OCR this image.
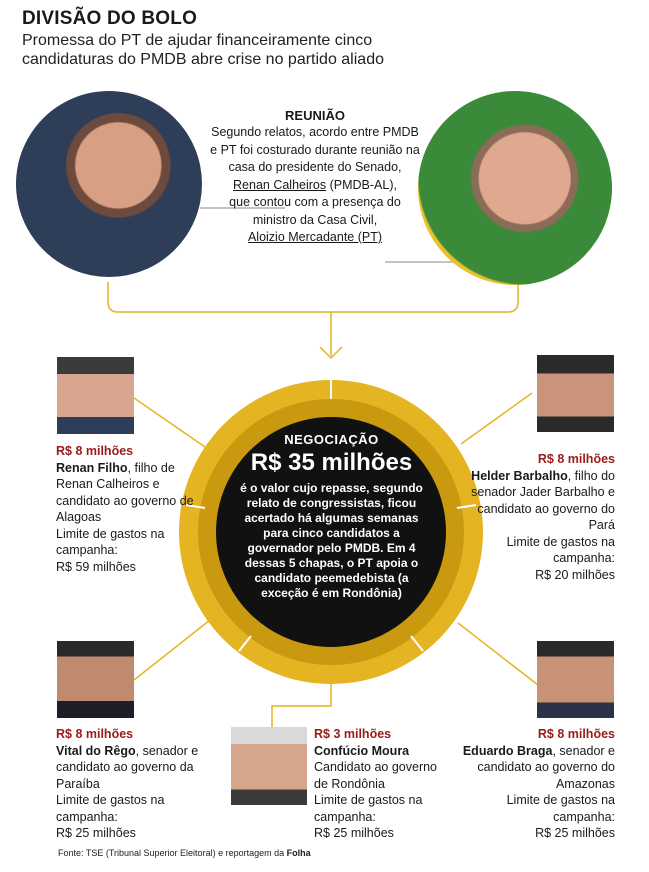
DIVISÃO DO BOLO
Promessa do PT de ajudar financeiramente cinco candidaturas do PMDB abre crise no partido aliado
REUNIÃO
Segundo relatos, acordo entre PMDB e PT foi costurado durante reunião na casa do presidente do Senado,
Renan Calheiros (PMDB-AL),
que contou com a presença do ministro da Casa Civil,
Aloizio Mercadante (PT)
NEGOCIAÇÃO
R$ 35 milhões
é o valor cujo repasse, segundo relato de congressistas, ficou acertado há algumas semanas para cinco candidatos a governador pelo PMDB. Em 4 dessas 5 chapas, o PT apoia o candidato peemedebista (a exceção é em Rondônia)
R$ 8 milhões
Renan Filho, filho de Renan Calheiros e candidato ao governo de Alagoas
Limite de gastos na campanha:
R$ 59 milhões
R$ 8 milhões
Helder Barbalho, filho do senador Jader Barbalho e candidato ao governo do Pará
Limite de gastos na campanha:
R$ 20 milhões
R$ 8 milhões
Vital do Rêgo, senador e candidato ao governo da Paraíba
Limite de gastos na campanha:
R$ 25 milhões
R$ 3 milhões
Confúcio Moura
Candidato ao governo de Rondônia
Limite de gastos na campanha:
R$ 25 milhões
R$ 8 milhões
Eduardo Braga, senador e candidato ao governo do Amazonas
Limite de gastos na campanha:
R$ 25 milhões
Fonte: TSE (Tribunal Superior Eleitoral) e reportagem da Folha
